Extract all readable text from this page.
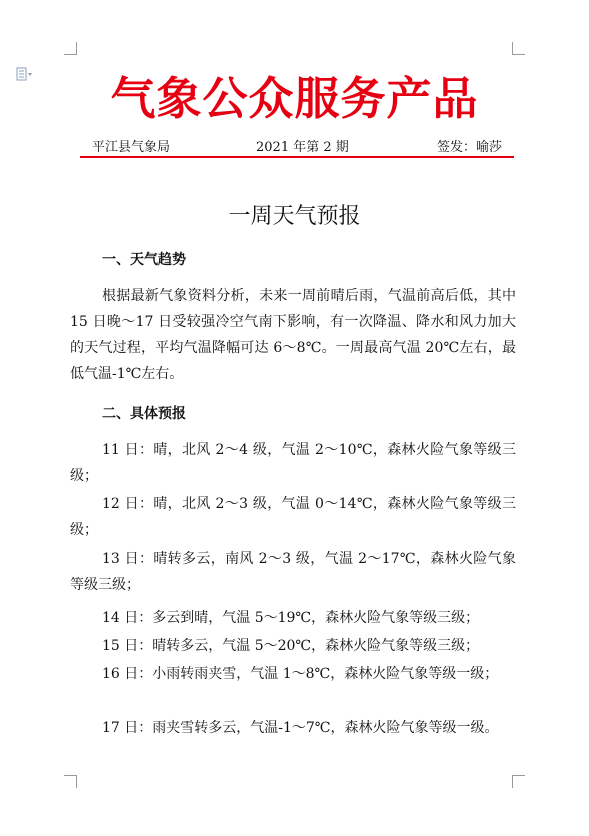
气象公众服务产品
平江县气象局	2021 年第 2 期	签发：喻莎
一周天气预报
一、天气趋势

根据最新气象资料分析，未来一周前晴后雨，气温前高后低，其中 15 日晚～17 日受较强冷空气南下影响，有一次降温、降水和风力加大的天气过程，平均气温降幅可达 6～8℃。一周最高气温 20℃左右，最低气温-1℃左右。

二、具体预报

11 日：晴，北风 2～4 级，气温 2～10℃，森林火险气象等级三级；

12 日：晴，北风 2～3 级，气温 0～14℃，森林火险气象等级三级；

13 日：晴转多云，南风 2～3 级，气温 2～17℃，森林火险气象等级三级；

14 日：多云到晴，气温 5～19℃，森林火险气象等级三级；

15 日：晴转多云，气温 5～20℃，森林火险气象等级三级；

16 日：小雨转雨夹雪，气温 1～8℃，森林火险气象等级一级；

17 日：雨夹雪转多云，气温-1～7℃，森林火险气象等级一级。
